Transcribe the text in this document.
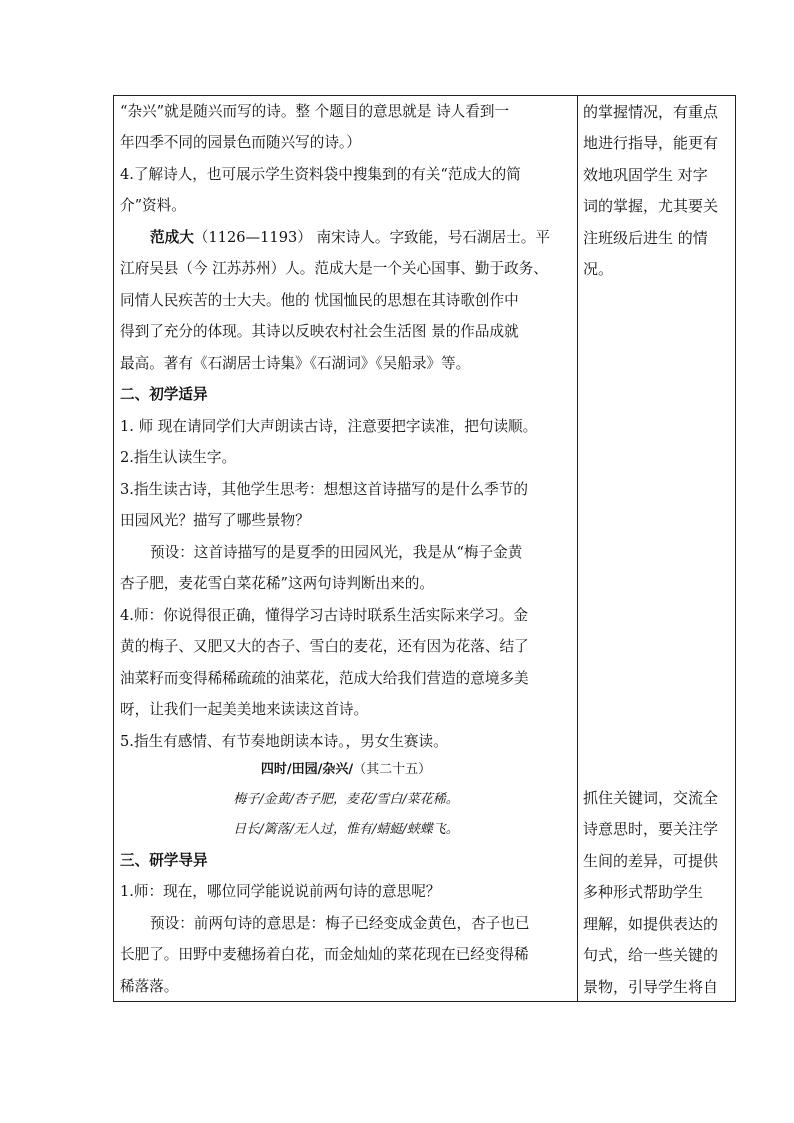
“杂兴”就是随兴而写的诗。整 个题目的意思就是 诗人看到一
年四季不同的园景色而随兴写的诗。）
4.了解诗人，也可展示学生资料袋中搜集到的有关“范成大的简
介”资料。
范成大（1126—1193） 南宋诗人。字致能，号石湖居士。平
江府吴县（今 江苏苏州）人。范成大是一个关心国事、勤于政务、
同情人民疾苦的士大夫。他的 忧国恤民的思想在其诗歌创作中
得到了充分的体现。其诗以反映农村社会生活图 景的作品成就
最高。著有《石湖居士诗集》《石湖词》《吴船录》等。
二、初学适异
1. 师 现在请同学们大声朗读古诗，注意要把字读准，把句读顺。
2.指生认读生字。
3.指生读古诗，其他学生思考：想想这首诗描写的是什么季节的
田园风光？描写了哪些景物？
预设：这首诗描写的是夏季的田园风光，我是从“梅子金黄
杏子肥，麦花雪白菜花稀”这两句诗判断出来的。
4.师：你说得很正确，懂得学习古诗时联系生活实际来学习。金
黄的梅子、又肥又大的杏子、雪白的麦花，还有因为花落、结了
油菜籽而变得稀稀疏疏的油菜花，范成大给我们营造的意境多美
呀，让我们一起美美地来读读这首诗。
5.指生有感情、有节奏地朗读本诗。，男女生赛读。
四时/田园/杂兴/（其二十五）
梅子/金黄/杏子肥，麦花/雪白/菜花稀。
日长/篱落/无人过，惟有/蜻蜓/蛱蝶飞。
三、研学导异
1.师：现在，哪位同学能说说前两句诗的意思呢？
预设：前两句诗的意思是：梅子已经变成金黄色，杏子也已
长肥了。田野中麦穗扬着白花，而金灿灿的菜花现在已经变得稀
稀落落。
的掌握情况，有重点
地进行指导，能更有
效地巩固学生 对字
词的掌握，尤其要关
注班级后进生 的情
况。
抓住关键词，交流全
诗意思时，要关注学
生间的差异，可提供
多种形式帮助学生
理解，如提供表达的
句式，给一些关键的
景物，引导学生将自
